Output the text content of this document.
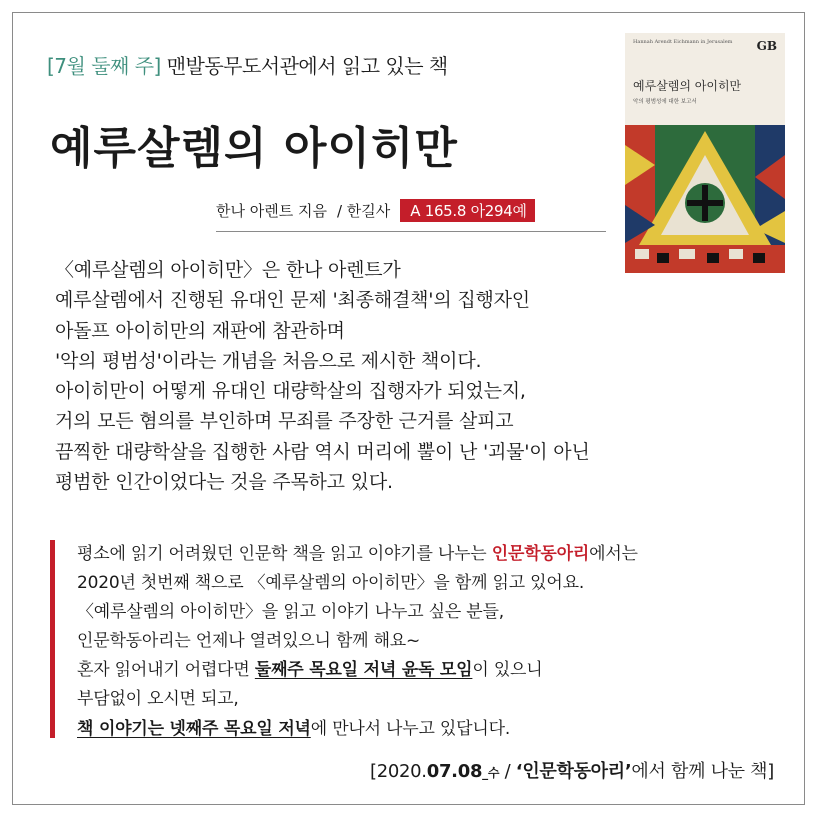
[7월 둘째 주] 맨발동무도서관에서 읽고 있는 책
예루살렘의 아이히만
한나 아렌트 지음 / 한길사	A 165.8 아294예
Hannah Arendt Eichmann in Jerusalem GB
예루살렘의 아이히만
악의 평범성에 대한 보고서
〈예루살렘의 아이히만〉은 한나 아렌트가
예루살렘에서 진행된 유대인 문제 '최종해결책'의 집행자인
아돌프 아이히만의 재판에 참관하며
'악의 평범성'이라는 개념을 처음으로 제시한 책이다.
아이히만이 어떻게 유대인 대량학살의 집행자가 되었는지,
거의 모든 혐의를 부인하며 무죄를 주장한 근거를 살피고
끔찍한 대량학살을 집행한 사람 역시 머리에 뿔이 난 '괴물'이 아닌
평범한 인간이었다는 것을 주목하고 있다.
평소에 읽기 어려웠던 인문학 책을 읽고 이야기를 나누는 인문학동아리에서는
2020년 첫번째 책으로 〈예루살렘의 아이히만〉을 함께 읽고 있어요.
〈예루살렘의 아이히만〉을 읽고 이야기 나누고 싶은 분들,
인문학동아리는 언제나 열려있으니 함께 해요~
혼자 읽어내기 어렵다면 둘째주 목요일 저녁 윤독 모임이 있으니
부담없이 오시면 되고,
책 이야기는 넷째주 목요일 저녁에 만나서 나누고 있답니다.
[2020.07.08_수 / ‘인문학동아리’에서 함께 나눈 책]
